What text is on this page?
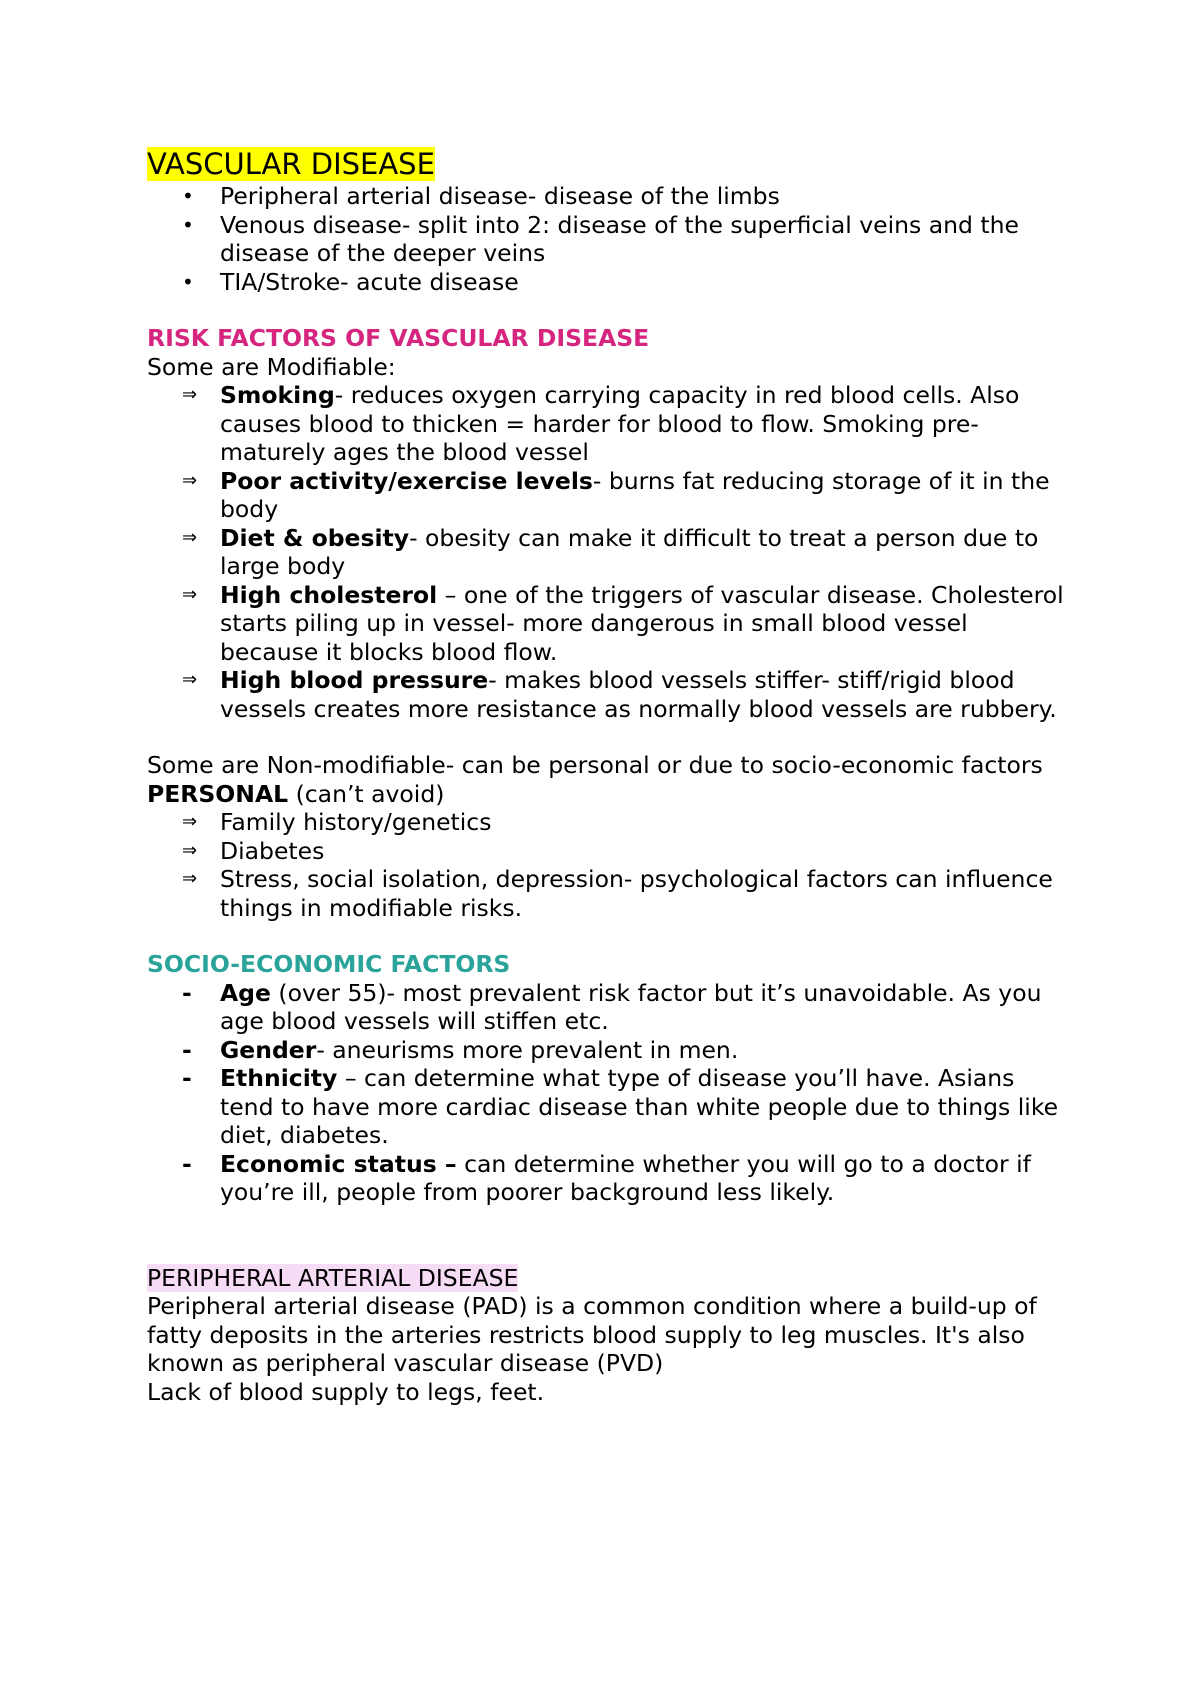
VASCULAR DISEASE

• Peripheral arterial disease- disease of the limbs
• Venous disease- split into 2: disease of the superficial veins and the disease of the deeper veins
• TIA/Stroke- acute disease

RISK FACTORS OF VASCULAR DISEASE

Some are Modifiable:

⇒ Smoking- reduces oxygen carrying capacity in red blood cells. Also causes blood to thicken = harder for blood to flow. Smoking pre-maturely ages the blood vessel
⇒ Poor activity/exercise levels- burns fat reducing storage of it in the body
⇒ Diet & obesity- obesity can make it difficult to treat a person due to large body
⇒ High cholesterol – one of the triggers of vascular disease. Cholesterol starts piling up in vessel- more dangerous in small blood vessel because it blocks blood flow.
⇒ High blood pressure- makes blood vessels stiffer- stiff/rigid blood vessels creates more resistance as normally blood vessels are rubbery.

Some are Non-modifiable- can be personal or due to socio-economic factors

PERSONAL (can’t avoid)

⇒ Family history/genetics
⇒ Diabetes
⇒ Stress, social isolation, depression- psychological factors can influence things in modifiable risks.

SOCIO-ECONOMIC FACTORS

- Age (over 55)- most prevalent risk factor but it’s unavoidable. As you age blood vessels will stiffen etc.
- Gender- aneurisms more prevalent in men.
- Ethnicity – can determine what type of disease you’ll have. Asians tend to have more cardiac disease than white people due to things like diet, diabetes.
- Economic status – can determine whether you will go to a doctor if you’re ill, people from poorer background less likely.

PERIPHERAL ARTERIAL DISEASE

Peripheral arterial disease (PAD) is a common condition where a build-up of fatty deposits in the arteries restricts blood supply to leg muscles. It's also known as peripheral vascular disease (PVD)

Lack of blood supply to legs, feet.
